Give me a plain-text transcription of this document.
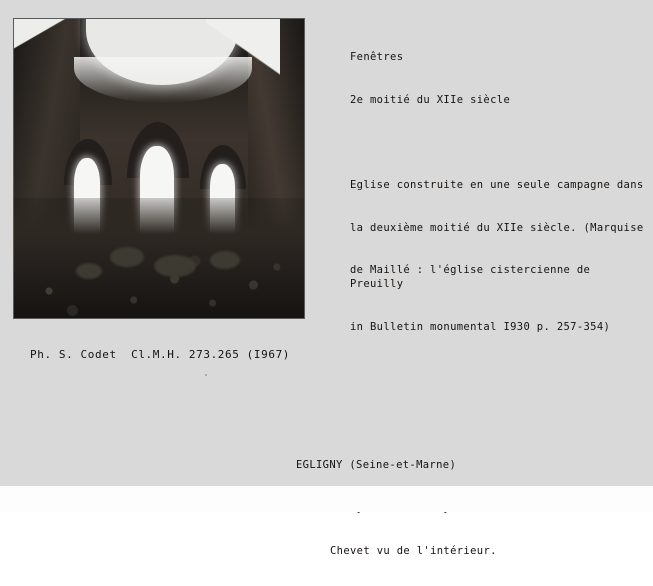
Ph. S. Codet  Cl.M.H. 273.265 (I967)

Fenêtres

2e moitié du XIIe siècle

Eglise construite en une seule campagne dans

la deuxième moitié du XIIe siècle. (Marquise

de Maillé : l'église cistercienne de Preuilly

in Bulletin monumental I930 p. 257-354)

EGLIGNY (Seine-et-Marne)

Chevet vu de l'intérieur.
